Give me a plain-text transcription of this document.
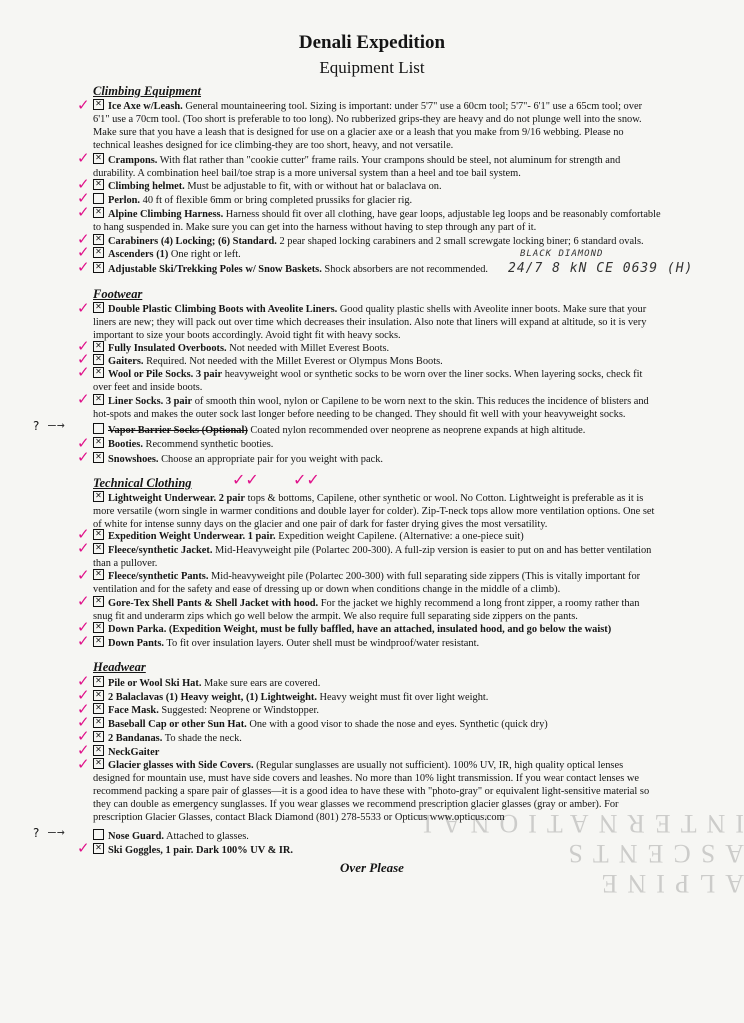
ALPINE ASCENTS INTERNATIONAL
Denali Expedition
Equipment List
Climbing Equipment
✓ ✕	Ice Axe w/Leash. General mountaineering tool. Sizing is important: under 5'7" use a 60cm tool; 5'7"- 6'1" use a 65cm tool; over 6'1" use a 70cm tool. (Too short is preferable to too long). No rubberized grips-they are heavy and do not plunge well into the snow. Make sure that you have a leash that is designed for use on a glacier axe or a leash that you make from 9/16 webbing. Please no technical leashes designed for ice climbing-they are too short, heavy, and not versatile.
✓ ✕	Crampons. With flat rather than "cookie cutter" frame rails. Your crampons should be steel, not aluminum for strength and durability. A combination heel bail/toe strap is a more universal system than a heel and toe bail system.
✓ ✕	Climbing helmet. Must be adjustable to fit, with or without hat or balaclava on.
✓	Perlon. 40 ft of flexible 6mm or bring completed prussiks for glacier rig.
✓ ✕	Alpine Climbing Harness. Harness should fit over all clothing, have gear loops, adjustable leg loops and be reasonably comfortable to hang suspended in. Make sure you can get into the harness without having to step through any part of it.
✓ ✕	Carabiners (4) Locking; (6) Standard. 2 pear shaped locking carabiners and 2 small screwgate locking biner; 6 standard ovals.
✓ ✕	Ascenders (1) One right or left.	BLACK DIAMOND
✓ ✕	Adjustable Ski/Trekking Poles w/ Snow Baskets. Shock absorbers are not recommended.	24/7 8 kN CE 0639 (H)
Footwear
✓ ✕	Double Plastic Climbing Boots with Aveolite Liners. Good quality plastic shells with Aveolite inner boots. Make sure that your liners are new; they will pack out over time which decreases their insulation. Also note that liners will expand at altitude, so it is very important to size your boots accordingly. Avoid tight fit with heavy socks.
✓ ✕	Fully Insulated Overboots. Not needed with Millet Everest Boots.
✓ ✕	Gaiters. Required. Not needed with the Millet Everest or Olympus Mons Boots.
✓ ✕	Wool or Pile Socks. 3 pair heavyweight wool or synthetic socks to be worn over the liner socks. When layering socks, check fit over feet and inside boots.
✓ ✕	Liner Socks. 3 pair of smooth thin wool, nylon or Capilene to be worn next to the skin. This reduces the incidence of blisters and hot-spots and makes the outer sock last longer before needing to be changed. They should fit well with your heavyweight socks.
? —→	Vapor Barrier Socks (Optional) Coated nylon recommended over neoprene as neoprene expands at high altitude.
✓ ✕	Booties. Recommend synthetic booties.
✓ ✕	Snowshoes. Choose an appropriate pair for you weight with pack.
Technical Clothing	✓✓ ✓✓
✕Lightweight Underwear. 2 pair tops & bottoms, Capilene, other synthetic or wool. No Cotton. Lightweight is preferable as it is more versatile (worn single in warmer conditions and double layer for colder). Zip-T-neck tops allow more ventilation options. One set of white for intense sunny days on the glacier and one pair of dark for faster drying gives the most versatility.
✓ ✕	Expedition Weight Underwear. 1 pair. Expedition weight Capilene. (Alternative: a one-piece suit)
✓ ✕	Fleece/synthetic Jacket. Mid-Heavyweight pile (Polartec 200-300). A full-zip version is easier to put on and has better ventilation than a pullover.
✓ ✕	Fleece/synthetic Pants. Mid-heavyweight pile (Polartec 200-300) with full separating side zippers (This is vitally important for ventilation and for the safety and ease of dressing up or down when conditions change in the middle of a climb).
✓ ✕	Gore-Tex Shell Pants & Shell Jacket with hood. For the jacket we highly recommend a long front zipper, a roomy rather than snug fit and underarm zips which go well below the armpit. We also require full separating side zippers on the pants.
✓ ✕	Down Parka. (Expedition Weight, must be fully baffled, have an attached, insulated hood, and go below the waist)
✓ ✕	Down Pants. To fit over insulation layers. Outer shell must be windproof/water resistant.
Headwear
✓ ✕	Pile or Wool Ski Hat. Make sure ears are covered.
✓ ✕	2 Balaclavas (1) Heavy weight, (1) Lightweight. Heavy weight must fit over light weight.
✓ ✕	Face Mask. Suggested: Neoprene or Windstopper.
✓ ✕	Baseball Cap or other Sun Hat. One with a good visor to shade the nose and eyes. Synthetic (quick dry)
✓ ✕	2 Bandanas. To shade the neck.
✓ ✕	NeckGaiter
✓ ✕	Glacier glasses with Side Covers. (Regular sunglasses are usually not sufficient). 100% UV, IR, high quality optical lenses designed for mountain use, must have side covers and leashes. No more than 10% light transmission. If you wear contact lenses we recommend packing a spare pair of glasses—it is a good idea to have these with "photo-gray" or equivalent light-sensitive material so they can double as emergency sunglasses. If you wear glasses we recommend prescription glacier glasses (gray or amber). For prescription Glacier Glasses, contact Black Diamond (801) 278-5533 or Opticus www.opticus.com
? —→	Nose Guard. Attached to glasses.
✓ ✕	Ski Goggles, 1 pair. Dark 100% UV & IR.
Over Please
